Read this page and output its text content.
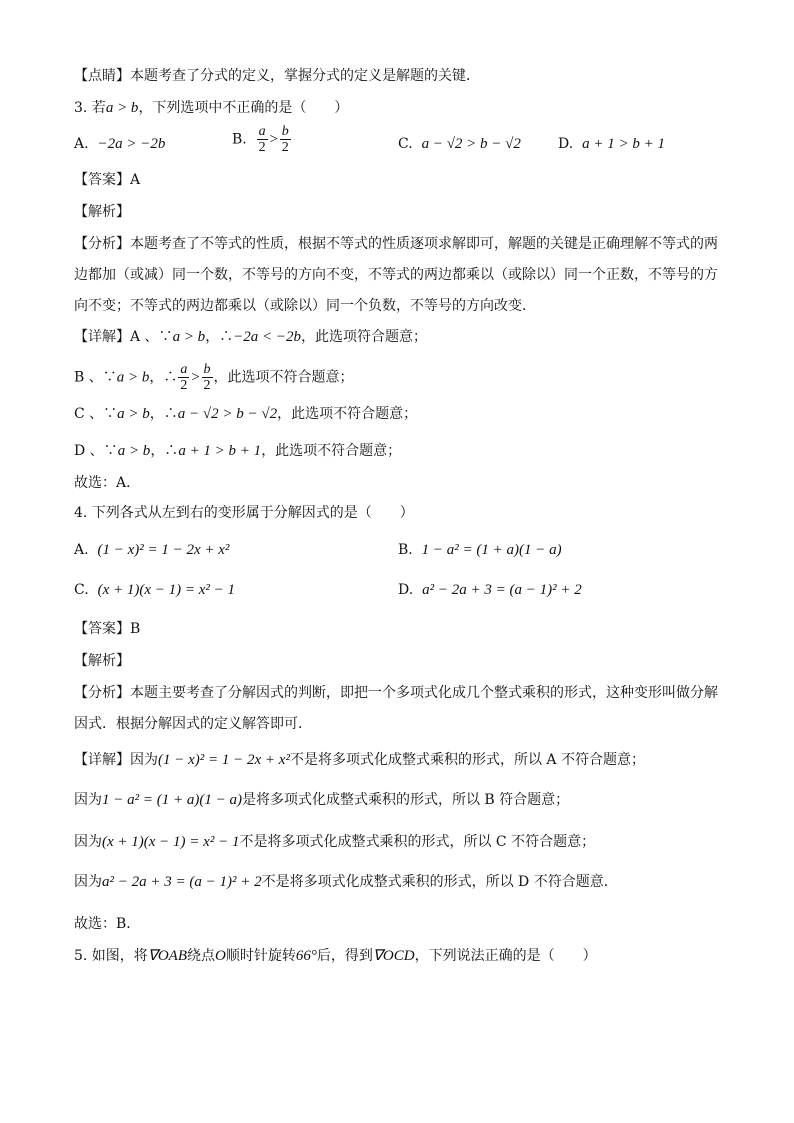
【点睛】本题考查了分式的定义，掌握分式的定义是解题的关键．
3. 若a > b，下列选项中不正确的是（　　）
A. −2a > −2b	B. $\frac{a}{2} > \frac{b}{2}$	C. a − √2 > b − √2	D. a + 1 > b + 1
【答案】A
【解析】
【分析】本题考查了不等式的性质，根据不等式的性质逐项求解即可，解题的关键是正确理解不等式的两
边都加（或减）同一个数，不等号的方向不变，不等式的两边都乘以（或除以）同一个正数，不等号的方
向不变；不等式的两边都乘以（或除以）同一个负数，不等号的方向改变．
【详解】A 、∵a > b，∴−2a < −2b，此选项符合题意；
B 、∵a > b，∴ $\frac{a}{2} > \frac{b}{2}$ ，此选项不符合题意；
C 、∵a > b，∴a − √2 > b − √2，此选项不符合题意；
D 、∵a > b，∴a + 1 > b + 1，此选项不符合题意；
故选：A．
4. 下列各式从左到右的变形属于分解因式的是（　　）
A. (1 − x)² = 1 − 2x + x²	B. 1 − a² = (1 + a)(1 − a)
C. (x + 1)(x − 1) = x² − 1	D. a² − 2a + 3 = (a − 1)² + 2
【答案】B
【解析】
【分析】本题主要考查了分解因式的判断，即把一个多项式化成几个整式乘积的形式，这种变形叫做分解
因式．根据分解因式的定义解答即可．
【详解】因为(1 − x)² = 1 − 2x + x²不是将多项式化成整式乘积的形式，所以 A 不符合题意；
因为1 − a² = (1 + a)(1 − a)是将多项式化成整式乘积的形式，所以 B 符合题意；
因为(x + 1)(x − 1) = x² − 1不是将多项式化成整式乘积的形式，所以 C 不符合题意；
因为a² − 2a + 3 = (a − 1)² + 2不是将多项式化成整式乘积的形式，所以 D 不符合题意．
故选：B．
5. 如图，将∇OAB绕点O顺时针旋转66°后，得到∇OCD，下列说法正确的是（　　）
